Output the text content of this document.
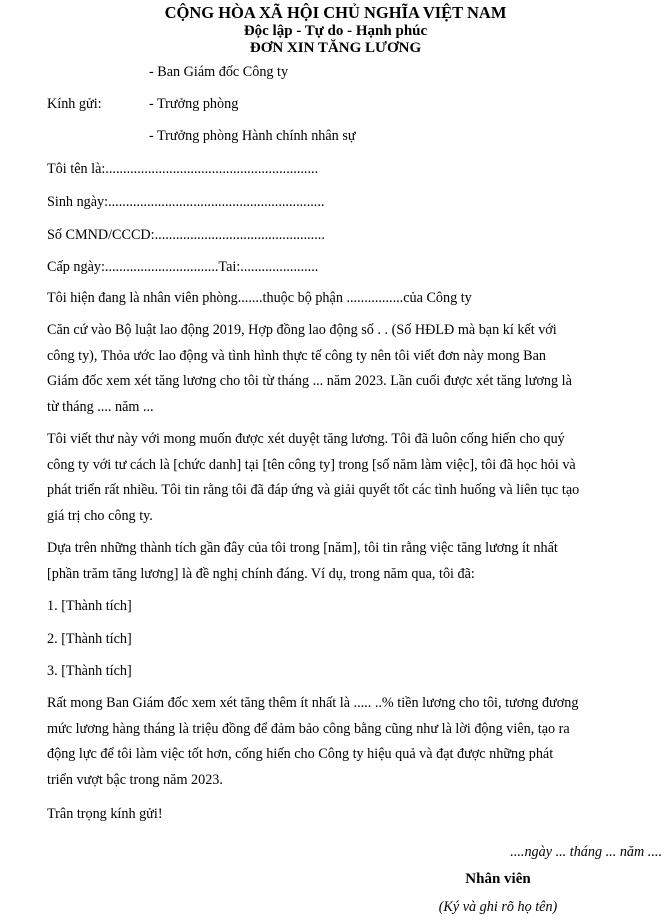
CỘNG HÒA XÃ HỘI CHỦ NGHĨA VIỆT NAM
Độc lập - Tự do - Hạnh phúc
ĐƠN XIN TĂNG LƯƠNG
- Ban Giám đốc Công ty
Kính gửi:	- Trưởng phòng
- Trưởng phòng Hành chính nhân sự
Tôi tên là:............................................................
Sinh ngày:.............................................................
Số CMND/CCCD:................................................
Cấp ngày:................................Tai:......................
Tôi hiện đang là nhân viên phòng.......thuộc bộ phận ................của Công ty
Căn cứ vào Bộ luật lao động 2019, Hợp đồng lao động số . . (Số HĐLĐ mà bạn kí kết với
công ty), Thỏa ước lao động và tình hình thực tế công ty nên tôi viết đơn này mong Ban
Giám đốc xem xét tăng lương cho tôi từ tháng ... năm 2023. Lần cuối được xét tăng lương là
từ tháng .... năm ...
Tôi viết thư này với mong muốn được xét duyệt tăng lương. Tôi đã luôn cống hiến cho quý
công ty với tư cách là [chức danh] tại [tên công ty] trong [số năm làm việc], tôi đã học hỏi và
phát triển rất nhiều. Tôi tin rằng tôi đã đáp ứng và giải quyết tốt các tình huống và liên tục tạo
giá trị cho công ty.
Dựa trên những thành tích gần đây của tôi trong [năm], tôi tin rằng việc tăng lương ít nhất
[phần trăm tăng lương] là đề nghị chính đáng. Ví dụ, trong năm qua, tôi đã:
1. [Thành tích]
2. [Thành tích]
3. [Thành tích]
Rất mong Ban Giám đốc xem xét tăng thêm ít nhất là ..... ..% tiền lương cho tôi, tương đương
mức lương hàng tháng là triệu đồng để đảm bảo công bằng cũng như là lời động viên, tạo ra
động lực để tôi làm việc tốt hơn, cống hiến cho Công ty hiệu quả và đạt được những phát
triển vượt bậc trong năm 2023.
Trân trọng kính gửi!
....ngày ... tháng ... năm ....
Nhân viên
(Ký và ghi rõ họ tên)
